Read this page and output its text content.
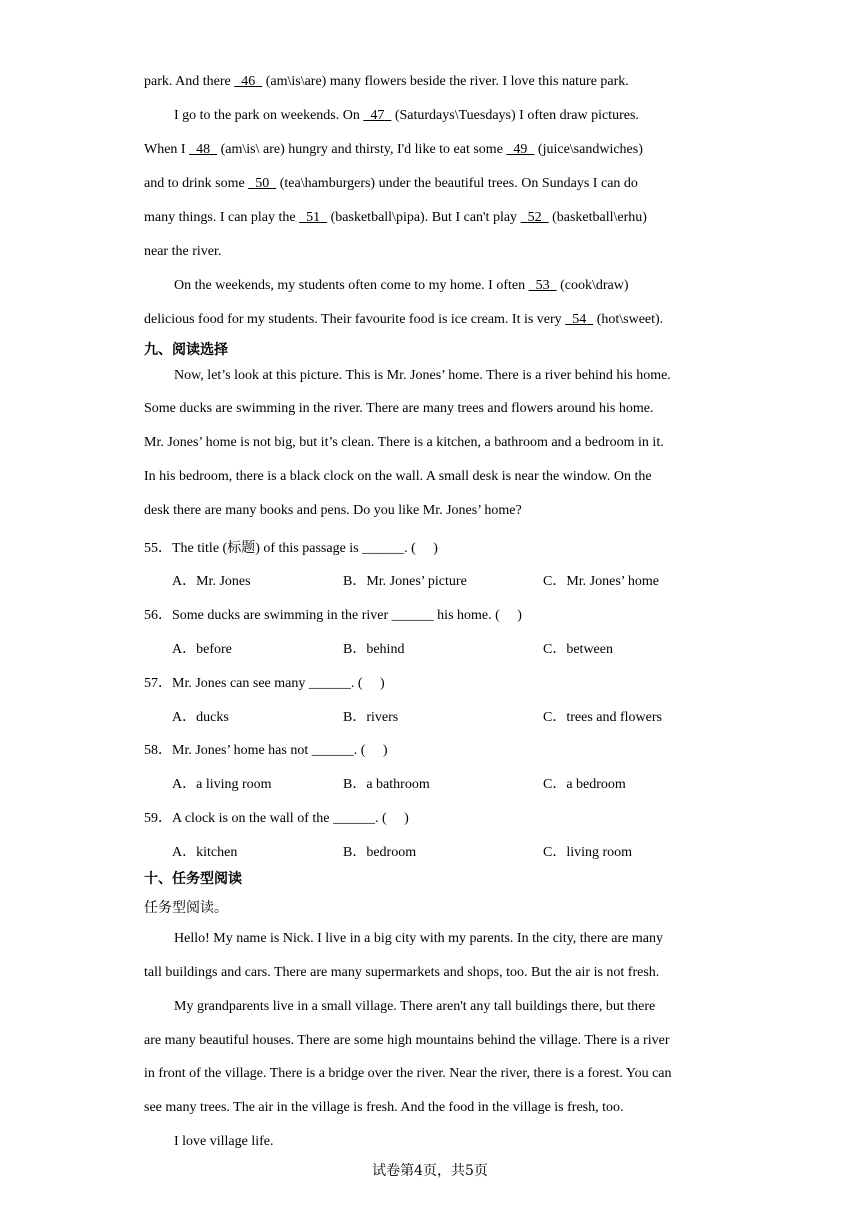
park. And there   46   (am\is\are) many flowers beside the river. I love this nature park.
I go to the park on weekends. On   47   (Saturdays\Tuesdays) I often draw pictures.
When I   48   (am\is\ are) hungry and thirsty, I'd like to eat some   49   (juice\sandwiches)
and to drink some   50   (tea\hamburgers) under the beautiful trees. On Sundays I can do
many things. I can play the   51   (basketball\pipa). But I can't play   52   (basketball\erhu)
near the river.
On the weekends, my students often come to my home. I often   53   (cook\draw)
delicious food for my students. Their favourite food is ice cream. It is very   54   (hot\sweet).
九、阅读选择
Now, let’s look at this picture. This is Mr. Jones’ home. There is a river behind his home.
Some ducks are swimming in the river. There are many trees and flowers around his home.
Mr. Jones’ home is not big, but it’s clean. There is a kitchen, a bathroom and a bedroom in it.
In his bedroom, there is a black clock on the wall. A small desk is near the window. On the
desk there are many books and pens. Do you like Mr. Jones’ home?
55．The title (标题) of this passage is ______. (　 )
A．Mr. Jones	B．Mr. Jones’ picture	C．Mr. Jones’ home
56．Some ducks are swimming in the river ______ his home. (　 )
A．before	B．behind	C．between
57．Mr. Jones can see many ______. (　 )
A．ducks	B．rivers	C．trees and flowers
58．Mr. Jones’ home has not ______. (　 )
A．a living room	B．a bathroom	C．a bedroom
59．A clock is on the wall of the ______. (　 )
A．kitchen	B．bedroom	C．living room
十、任务型阅读
任务型阅读。
Hello! My name is Nick. I live in a big city with my parents. In the city, there are many
tall buildings and cars. There are many supermarkets and shops, too. But the air is not fresh.
My grandparents live in a small village. There aren't any tall buildings there, but there
are many beautiful houses. There are some high mountains behind the village. There is a river
in front of the village. There is a bridge over the river. Near the river, there is a forest. You can
see many trees. The air in the village is fresh. And the food in the village is fresh, too.
I love village life.
试卷第4页，共5页
